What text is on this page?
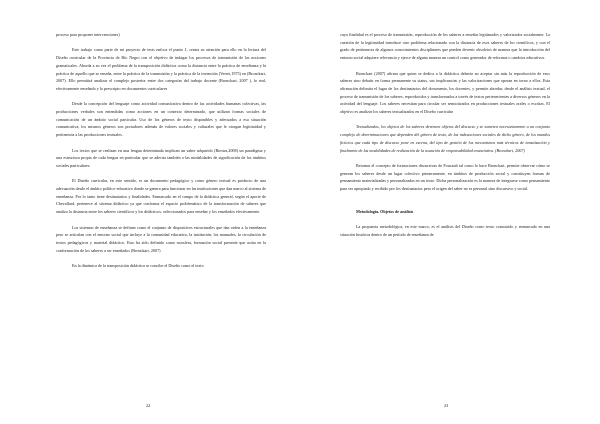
proceso para proponer intervenciones)

Este trabajo como parte de mi proyecto de tesis enfoca el punto 1, centra su atención para ello en la lectura del Diseño curricular de la Provincia de Río Negro con el objetivo de indagar los procesos de transmisión de las nociones gramaticales. Aborda a su vez el problema de la transposición didáctica como la distancia entre la práctica de enseñanza y la práctica de aquello que se enseña, entre la práctica de la transmisión y la práctica de la invención (Verret,1975) en (Bronckart, 2007). Ello permitirá analizar el complejo posterior entre dos categorías del trabajo docente (Bronckart, 2007 ), lo real, efectivamente enseñado y lo prescripto en documentos curriculares

Desde la concepción del lenguaje como actividad comunicativa dentro de las actividades humanas colectivas, las producciones verbales son entendidas como acciones en un contexto determinado, que utilizan formas sociales de comunicación de un ámbito social particular. Uso de los géneros de texto disponibles y adecuados a esa situación comunicativa, los mismos géneros son portadores además de valores sociales y culturales que le otorgan legitimidad y pertinencia a las producciones textuales.

Los textos que se realizan en una lengua determinada implican un saber adquirido (Riestra,2008) un paradigma y una estructura propia de cada lengua en particular que se adecúa también a las modalidades de significación de los ámbitos sociales particulares.

El Diseño curricular, en este sentido, es un documento pedagógico y como género textual es producto de una adecuación desde el ámbito político-educativo donde se genera para funcionar en las instituciones que dan marco al sistema de enseñanza. Por lo tanto tiene destinatarios y finalidades. Enmarcado en el campo de la didáctica general, según el aporte de Chevallard, pertenece al sistema didáctico ya que conforma el espacio problemático de la transformación de saberes que analiza la distancia entre los saberes científicos y los didácticos, seleccionados para enseñar y los enseñados efectivamente.

Los sistemas de enseñanza se definen como el conjunto de dispositivos estructurales que dan orden a la enseñanza pero se articulan con el entorno social que incluye a la comunidad educativa, la institución, los manuales, la circulación de textos pedagógicos y material didáctico. Esto ha sido definido como noosfera, formación social presente que actúa en la conformación de los saberes a ser enseñados (Bronckart, 2007)

En la dinámica de la transposición didáctica se concibe el Diseño como el texto

22

cuya finalidad es el proceso de transmisión, reproducción de los saberes a enseñar legitimados y valorizados socialmente. La cuestión de la legitimidad introduce otro problema relacionado con la distancia de esos saberes de los científicos, y con el grado de pertinencia de algunos conocimientos disciplinares que pueden devenir obsoletos de manera que la introducción del entorno social adquiere relevancia y ejerce de alguna manera un control como generador de reformas o cambios educativos.

Bronckart (2007) afirma que quien se dedica a la didáctica debería no aceptar sin más la reproducción de esos saberes sino debatir en forma permanente su status, sus implicancias y las valorizaciones que operan en torno a ellos. Esta afirmación delimita el lugar de los destinatarios del documento, los docentes, y permite abordar, desde el análisis textual, el proceso de transmisión de los saberes, reproducidos y transformados a través de textos pertenecientes a diversos géneros en la actividad del lenguaje. Los saberes necesitan para circular ser semiotizados en producciones textuales orales o escritas. El objetivo es analizar los saberes textualizados en el Diseño curricular

Textualizados, los objetos de los saberes devienen objetos del discurso y se someten necesariamente a un conjunto complejo de determinaciones que dependen del género de texto, de las indexaciones sociales de dicho género, de los mundos ficticios que cada tipo de discurso pone en escena, del tipo de gestión de los mecanismos más técnicos de tematización y finalmente de las modalidades de realización de la asunción de responsabilidad enunciativa. (Bronckart, 2007)

Retomar el concepto de formaciones discursivas de Foucault tal como lo hace Bronckart, permite observar cómo se generan los saberes desde un lugar colectivo primeramente, en ámbitos de producción social y constituyen formas de pensamiento materializadas y personalizadas en un texto. Dicha personalización es la manera de integrarse como pensamiento para ser apropiado y recibido por los destinatarios pero el origen del saber no es personal sino discursivo y social.

Metodología. Objetos de análisis

La propuesta metodológica, en este marco, es el análisis del Diseño como texto construido y enmarcado en una situación histórica dentro de un período de enseñanza de

23
